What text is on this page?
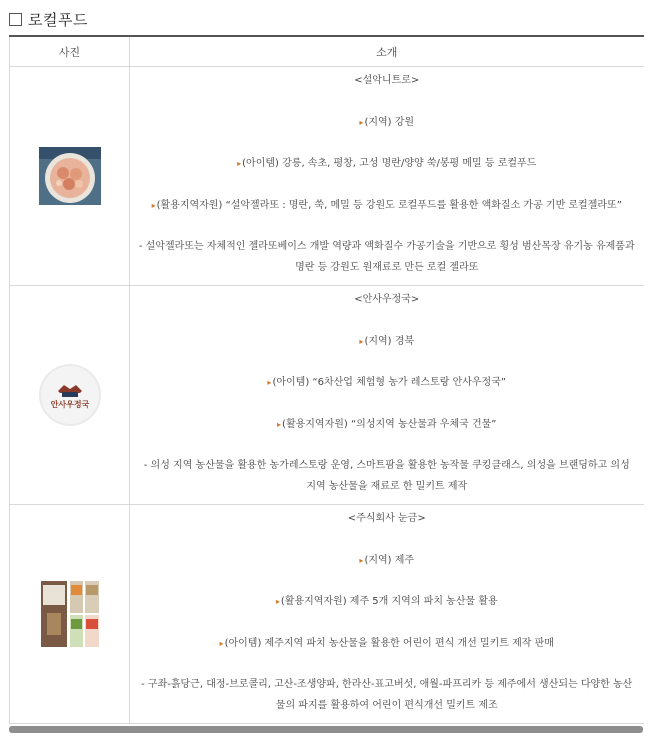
로컬푸드
사진	소개

<설악니트로>

▸(지역) 강원

▸(아이템) 강릉, 속초, 평창, 고성 명란/양양 쑥/봉평 메밀 등 로컬푸드

▸(활용지역자원) “설악젤라또 : 명란, 쑥, 메밀 등 강원도 로컬푸드를 활용한 액화질소 가공 기반 로컬젤라또”

- 설악젤라또는 자체적인 젤라또베이스 개발 역량과 액화질수 가공기술을 기반으로 횡성 범산목장 유기농 유제품과 명란 등 강원도 원재료로 만든 로컬 젤라또

안사우정국	<안사우정국>

▸(지역) 경북

▸(아이템) “6차산업 체험형 농가 레스토랑 안사우정국”

▸(활용지역자원) “의성지역 농산물과 우체국 건물”

- 의성 지역 농산물을 활용한 농가레스토랑 운영, 스마트팜을 활용한 농작물 쿠킹클래스, 의성을 브랜딩하고 의성 지역 농산물을 재료로 한 밀키트 제작

<주식회사 눈금>

▸(지역) 제주

▸(활용지역자원) 제주 5개 지역의 파치 농산물 활용

▸(아이템) 제주지역 파치 농산물을 활용한 어린이 편식 개선 밀키트 제작 판매

- 구좌-흙당근, 대정-브로콜리, 고산-조생양파, 한라산-표고버섯, 애월-파프리카 등 제주에서 생산되는 다양한 농산물의 파지를 활용하여 어린이 편식개선 밀키트 제조
